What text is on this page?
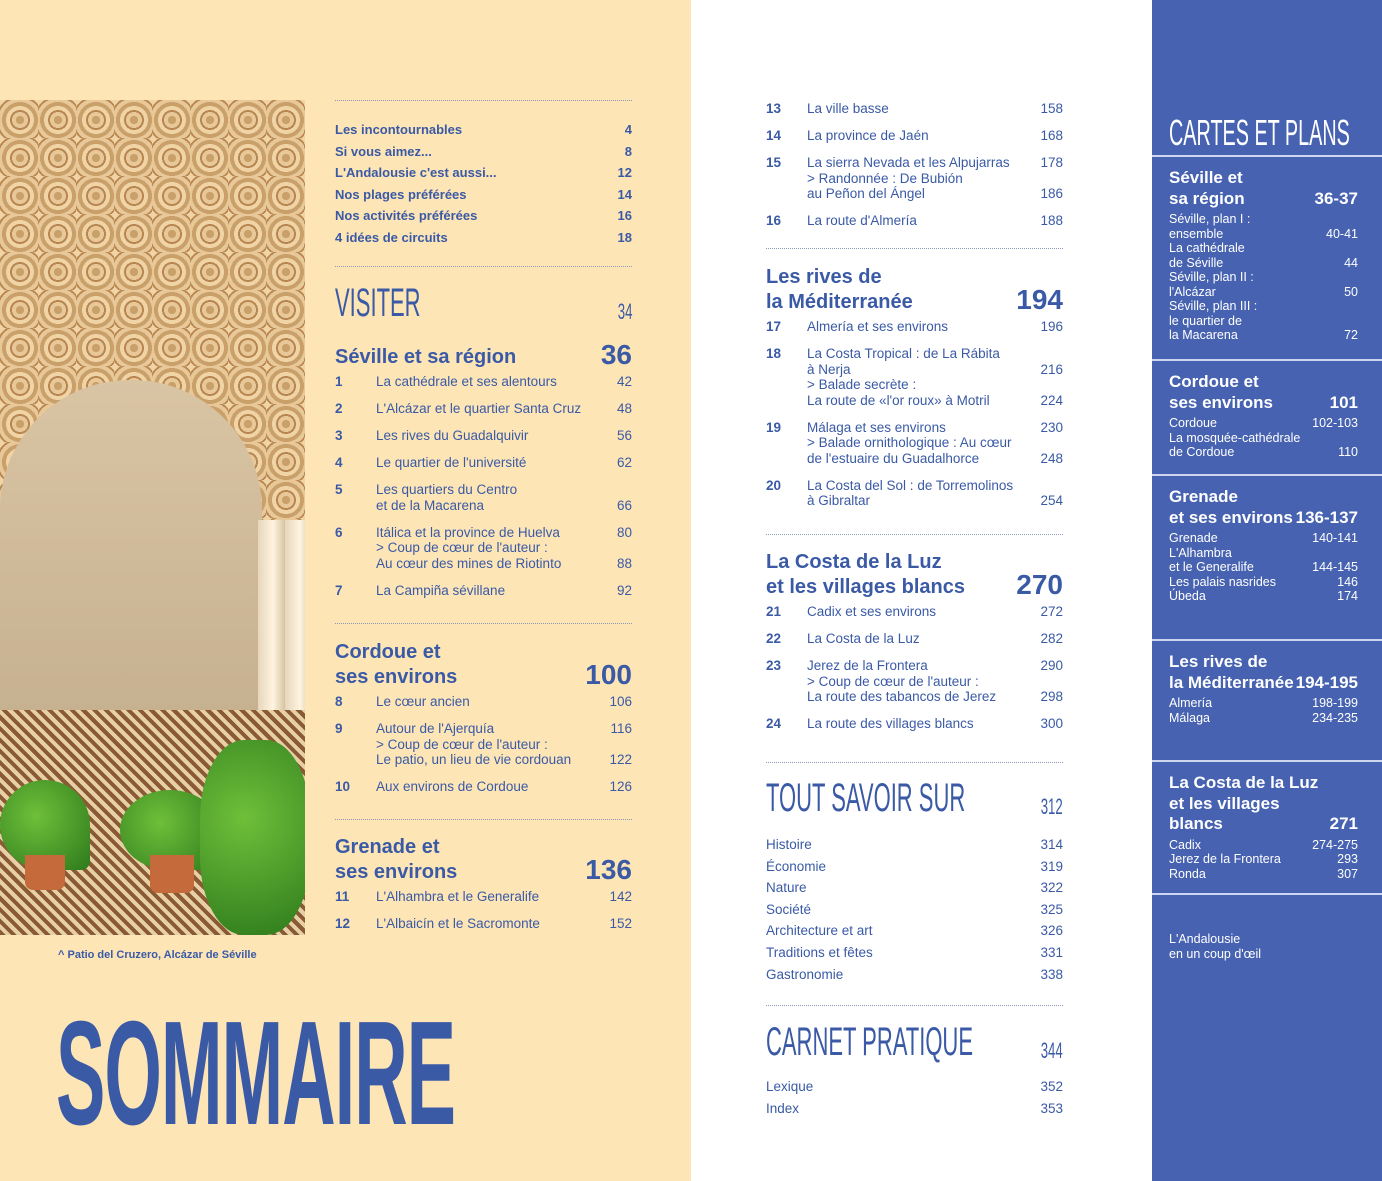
^ Patio del Cruzero, Alcázar de Séville
SOMMAIRE
Les incontournables	4
Si vous aimez...	8
L'Andalousie c'est aussi...	12
Nos plages préférées	14
Nos activités préférées	16
4 idées de circuits	18
VISITER	34
Séville et sa région	36
1	La cathédrale et ses alentours	42
2	L'Alcázar et le quartier Santa Cruz	48
3	Les rives du Guadalquivir	56
4	Le quartier de l'université	62
5	Les quartiers du Centro
et de la Macarena	66
6	Itálica et la province de Huelva	80
> Coup de cœur de l'auteur :
Au cœur des mines de Riotinto	88
7	La Campiña sévillane	92
Cordoue et
ses environs	100
8	Le cœur ancien	106
9	Autour de l'Ajerquía	116
> Coup de cœur de l'auteur :
Le patio, un lieu de vie cordouan	122
10	Aux environs de Cordoue	126
Grenade et
ses environs	136
11	L'Alhambra et le Generalife	142
12	L'Albaicín et le Sacromonte	152
13	La ville basse	158
14	La province de Jaén	168
15	La sierra Nevada et les Alpujarras 178
> Randonnée : De Bubión
au Peñon del Ángel	186
16	La route d'Almería	188
Les rives de
la Méditerranée	194
17	Almería et ses environs	196
18	La Costa Tropical : de La Rábita
à Nerja	216
> Balade secrète :
La route de «l'or roux» à Motril	224
19	Málaga et ses environs	230
> Balade ornithologique : Au cœur
de l'estuaire du Guadalhorce	248
20	La Costa del Sol : de Torremolinos
à Gibraltar	254
La Costa de la Luz
et les villages blancs 270
21	Cadix et ses environs	272
22	La Costa de la Luz	282
23	Jerez de la Frontera	290
> Coup de cœur de l'auteur :
La route des tabancos de Jerez	298
24	La route des villages blancs	300
TOUT SAVOIR SUR	312
Histoire	314
Économie	319
Nature	322
Société	325
Architecture et art	326
Traditions et fêtes	331
Gastronomie	338
CARNET PRATIQUE	344
Lexique	352
Index	353
CARTES ET PLANS
Séville et
sa région	36-37
Séville, plan I :
ensemble	40-41
La cathédrale
de Séville	44
Séville, plan II :
l'Alcázar	50
Séville, plan III :
le quartier de
la Macarena	72
Cordoue et
ses environs	101
Cordoue	102-103
La mosquée-cathédrale
de Cordoue	110
Grenade
et ses environs 136-137
Grenade	140-141
L'Alhambra
et le Generalife	144-145
Les palais nasrides	146
Úbeda	174
Les rives de
la Méditerranée 194-195
Almería	198-199
Málaga	234-235
La Costa de la Luz
et les villages
blancs	271
Cadix	274-275
Jerez de la Frontera	293
Ronda	307
L'Andalousie
en un coup d'œil
